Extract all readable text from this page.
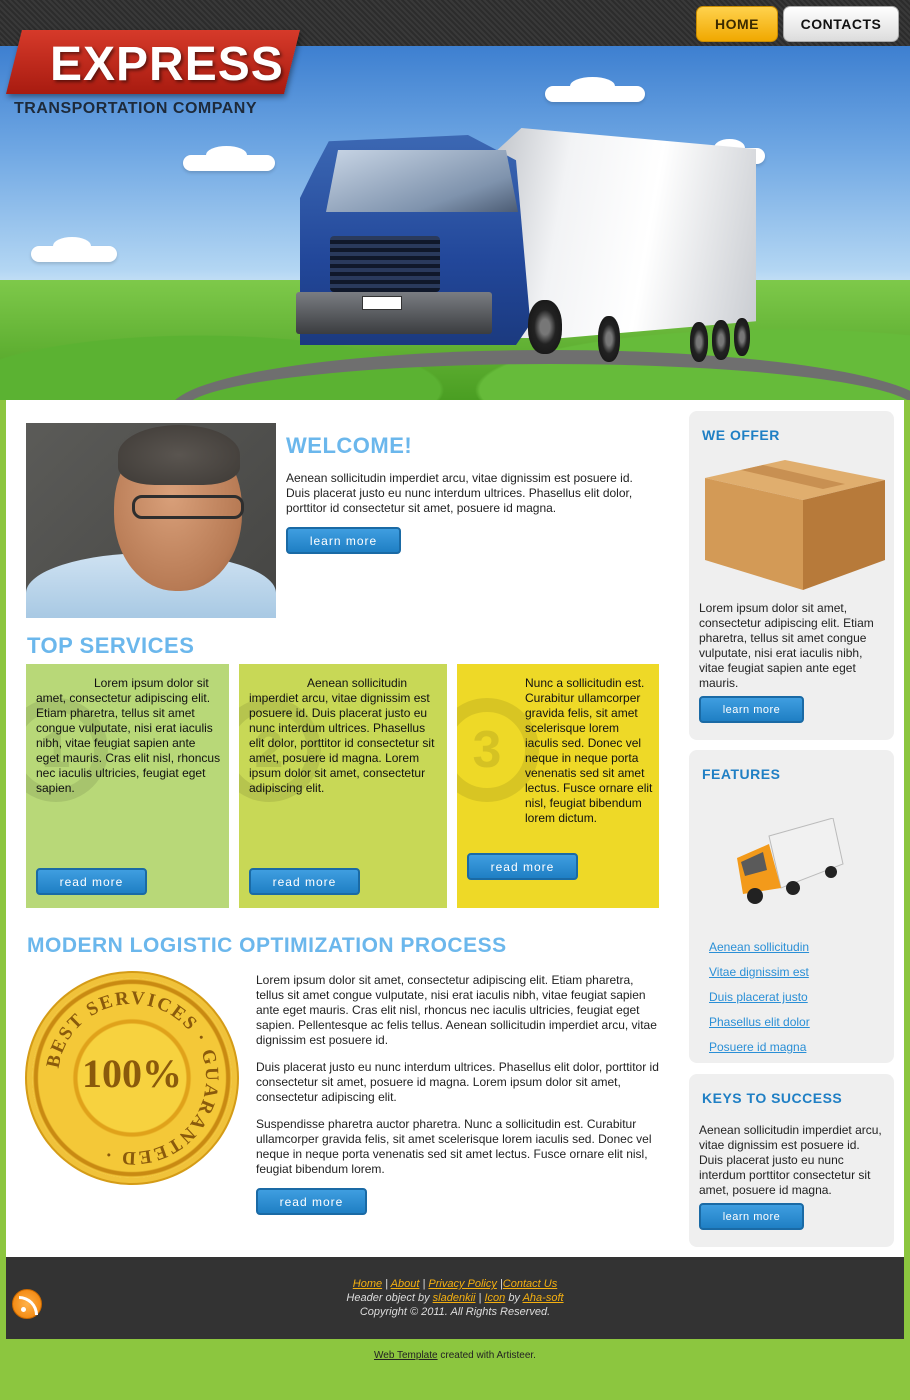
HOME	CONTACTS
EXPRESS
TRANSPORTATION COMPANY
WELCOME!

Aenean sollicitudin imperdiet arcu, vitae dignissim est posuere id. Duis placerat justo eu nunc interdum ultrices. Phasellus elit dolor, porttitor id consectetur sit amet, posuere id magna.

learn more
TOP SERVICES
1

Lorem ipsum dolor sit amet, consectetur adipiscing elit. Etiam pharetra, tellus sit amet congue vulputate, nisi erat iaculis nibh, vitae feugiat sapien ante eget mauris. Cras elit nisl, rhoncus nec iaculis ultricies, feugiat eget sapien.

read more
2

Aenean sollicitudin imperdiet arcu, vitae dignissim est posuere id. Duis placerat justo eu nunc interdum ultrices. Phasellus elit dolor, porttitor id consectetur sit amet, posuere id magna. Lorem ipsum dolor sit amet, consectetur adipiscing elit.

read more
3

Nunc a sollicitudin est. Curabitur ullamcorper gravida felis, sit amet scelerisque lorem iaculis sed. Donec vel neque in neque porta venenatis sed sit amet lectus. Fusce ornare elit nisl, feugiat bibendum lorem dictum.

read more
MODERN LOGISTIC OPTIMIZATION PROCESS
BEST SERVICES · GUARANTEED ·
100%

Lorem ipsum dolor sit amet, consectetur adipiscing elit. Etiam pharetra, tellus sit amet congue vulputate, nisi erat iaculis nibh, vitae feugiat sapien ante eget mauris. Cras elit nisl, rhoncus nec iaculis ultricies, feugiat eget sapien. Pellentesque ac felis tellus. Aenean sollicitudin imperdiet arcu, vitae dignissim est posuere id.

Duis placerat justo eu nunc interdum ultrices. Phasellus elit dolor, porttitor id consectetur sit amet, posuere id magna. Lorem ipsum dolor sit amet, consectetur adipiscing elit.

Suspendisse pharetra auctor pharetra. Nunc a sollicitudin est. Curabitur ullamcorper gravida felis, sit amet scelerisque lorem iaculis sed. Donec vel neque in neque porta venenatis sed sit amet lectus. Fusce ornare elit nisl, feugiat bibendum lorem.

read more
WE OFFER

Lorem ipsum dolor sit amet, consectetur adipiscing elit. Etiam pharetra, tellus sit amet congue vulputate, nisi erat iaculis nibh, vitae feugiat sapien ante eget mauris.

learn more
FEATURES
Aenean sollicitudin
Vitae dignissim est
Duis placerat justo
Phasellus elit dolor
Posuere id magna
KEYS TO SUCCESS

Aenean sollicitudin imperdiet arcu, vitae dignissim est posuere id. Duis placerat justo eu nunc interdum porttitor consectetur sit amet, posuere id magna.

learn more
Home | About | Privacy Policy |Contact Us
Header object by sladenkii | Icon by Aha-soft
Copyright © 2011. All Rights Reserved.
Web Template created with Artisteer.
